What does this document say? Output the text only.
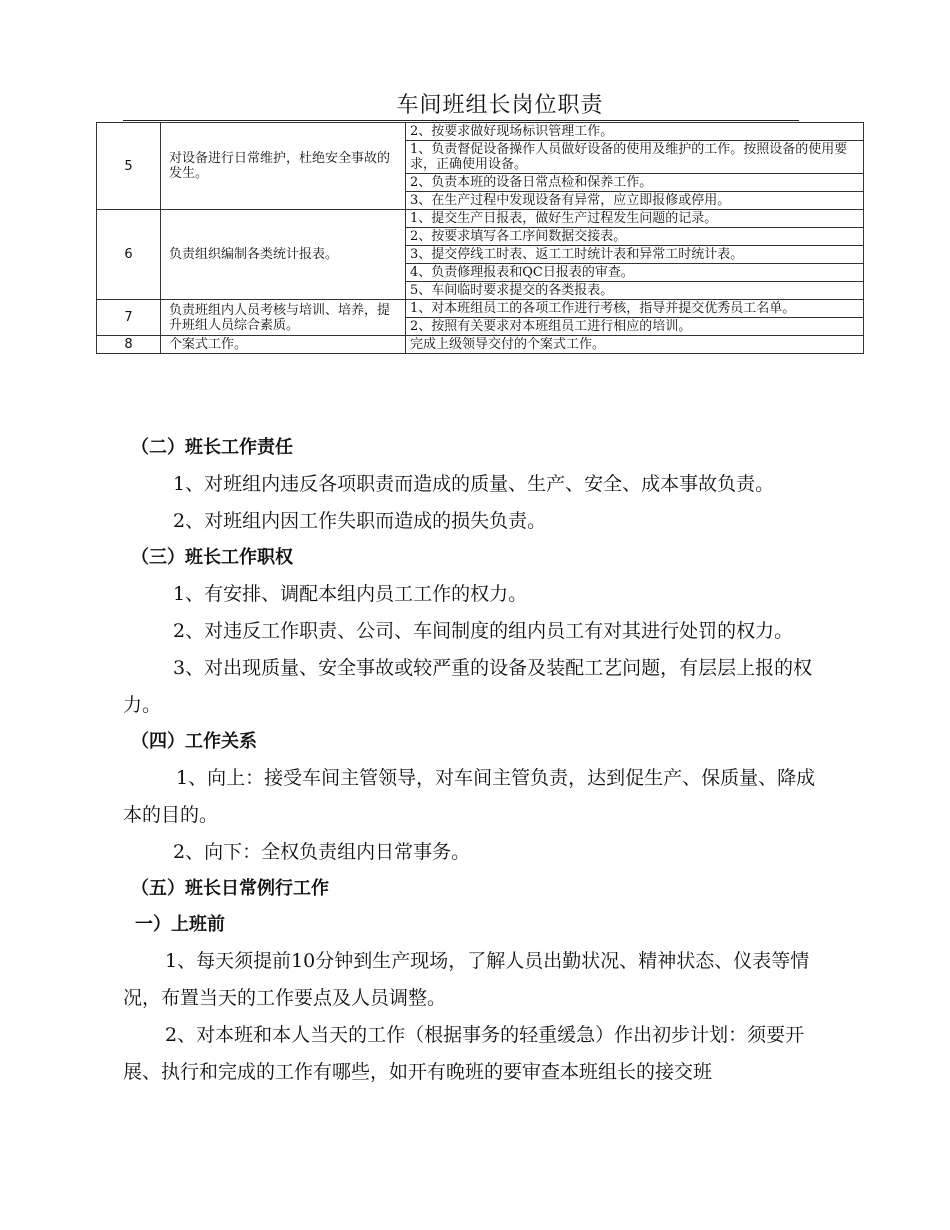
车间班组长岗位职责
5	对设备进行日常维护，杜绝安全事故的发生。	2、按要求做好现场标识管理工作。
		1、负责督促设备操作人员做好设备的使用及维护的工作。按照设备的使用要求，正确使用设备。
		2、负责本班的设备日常点检和保养工作。
		3、在生产过程中发现设备有异常，应立即报修或停用。
6	负责组织编制各类统计报表。	1、提交生产日报表，做好生产过程发生问题的记录。
		2、按要求填写各工序间数据交接表。
		3、提交停线工时表、返工工时统计表和异常工时统计表。
		4、负责修理报表和QC日报表的审查。
		5、车间临时要求提交的各类报表。
7	负责班组内人员考核与培训、培养，提升班组人员综合素质。	1、对本班组员工的各项工作进行考核，指导并提交优秀员工名单。
		2、按照有关要求对本班组员工进行相应的培训。
8	个案式工作。	完成上级领导交付的个案式工作。
（二）班长工作责任

1、对班组内违反各项职责而造成的质量、生产、安全、成本事故负责。

2、对班组内因工作失职而造成的损失负责。

（三）班长工作职权

1、有安排、调配本组内员工工作的权力。

2、对违反工作职责、公司、车间制度的组内员工有对其进行处罚的权力。

3、对出现质量、安全事故或较严重的设备及装配工艺问题，有层层上报的权力。

（四）工作关系

1、向上：接受车间主管领导，对车间主管负责，达到促生产、保质量、降成本的目的。

2、向下：全权负责组内日常事务。

（五）班长日常例行工作
一）上班前

1、每天须提前10分钟到生产现场，了解人员出勤状况、精神状态、仪表等情况，布置当天的工作要点及人员调整。

2、对本班和本人当天的工作（根据事务的轻重缓急）作出初步计划：须要开展、执行和完成的工作有哪些，如开有晚班的要审查本班组长的接交班
